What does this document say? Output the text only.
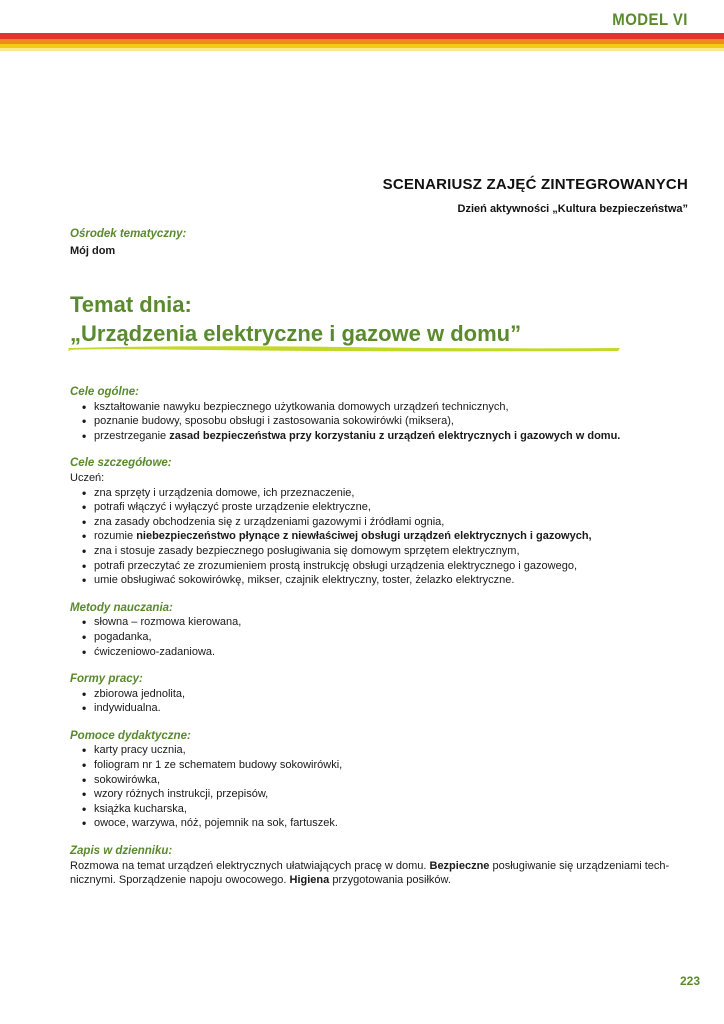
MODEL VI
SCENARIUSZ ZAJĘĆ ZINTEGROWANYCH
Dzień aktywności „Kultura bezpieczeństwa”
Ośrodek tematyczny:
Mój dom
Temat dnia:
„Urządzenia elektryczne i gazowe w domu”
Cele ogólne:
• kształtowanie nawyku bezpiecznego użytkowania domowych urządzeń technicznych,
• poznanie budowy, sposobu obsługi i zastosowania sokowirówki (miksera),
• przestrzeganie zasad bezpieczeństwa przy korzystaniu z urządzeń elektrycznych i gazowych w domu.
Cele szczegółowe:
Uczeń:
• zna sprzęty i urządzenia domowe, ich przeznaczenie,
• potrafi włączyć i wyłączyć proste urządzenie elektryczne,
• zna zasady obchodzenia się z urządzeniami gazowymi i źródłami ognia,
• rozumie niebezpieczeństwo płynące z niewłaściwej obsługi urządzeń elektrycznych i gazowych,
• zna i stosuje zasady bezpiecznego posługiwania się domowym sprzętem elektrycznym,
• potrafi przeczytać ze zrozumieniem prostą instrukcję obsługi urządzenia elektrycznego i gazowego,
• umie obsługiwać sokowirówkę, mikser, czajnik elektryczny, toster, żelazko elektryczne.
Metody nauczania:
• słowna – rozmowa kierowana,
• pogadanka,
• ćwiczeniowo-zadaniowa.
Formy pracy:
• zbiorowa jednolita,
• indywidualna.
Pomoce dydaktyczne:
• karty pracy ucznia,
• foliogram nr 1 ze schematem budowy sokowirówki,
• sokowirówka,
• wzory różnych instrukcji, przepisów,
• książka kucharska,
• owoce, warzywa, nóż, pojemnik na sok, fartuszek.
Zapis w dzienniku:
Rozmowa na temat urządzeń elektrycznych ułatwiających pracę w domu. Bezpieczne posługiwanie się urządzeniami tech-
nicznymi. Sporządzenie napoju owocowego. Higiena przygotowania posiłków.
223
